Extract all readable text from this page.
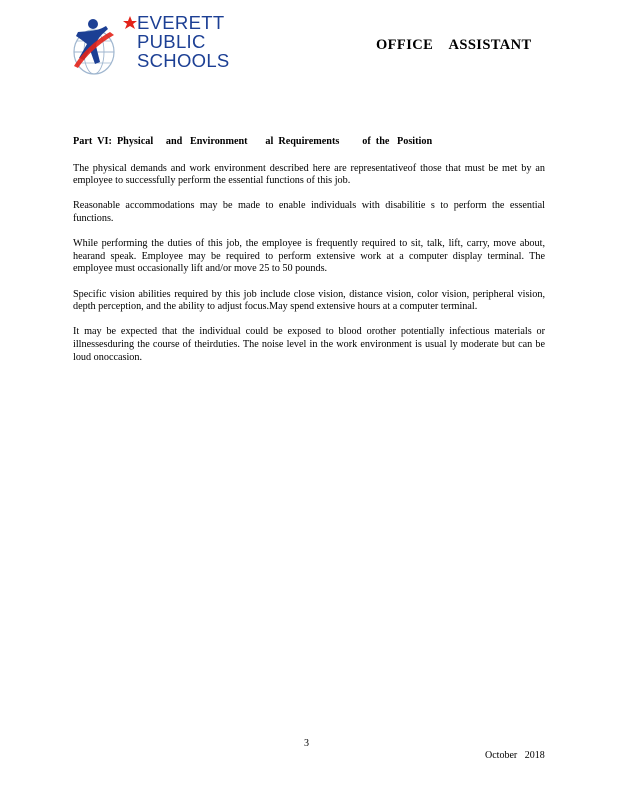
EVERETT
PUBLIC
SCHOOLS
OFFICE    ASSISTANT
Part  VI:  Physical     and   Environment       al  Requirements         of  the   Position

The physical demands and work environment described here are representativeof those that must be met by an employee to successfully perform the essential functions of this job.

Reasonable accommodations may be made to enable individuals with disabilitie s to perform the essential functions.

While performing the duties of this job, the employee is frequently required to sit, talk, lift, carry, move about, hearand speak. Employee may be required to perform extensive work at a computer display terminal. The employee must occasionally lift and/or move 25 to 50 pounds.

Specific vision abilities required by this job include close vision, distance vision, color vision, peripheral vision, depth perception, and the ability to adjust focus.May spend extensive hours at a computer terminal.

It may be expected that the individual could be exposed to blood orother potentially infectious materials or illnessesduring the course of theirduties. The noise level in the work environment is usual ly moderate but can be loud onoccasion.

3
October   2018
